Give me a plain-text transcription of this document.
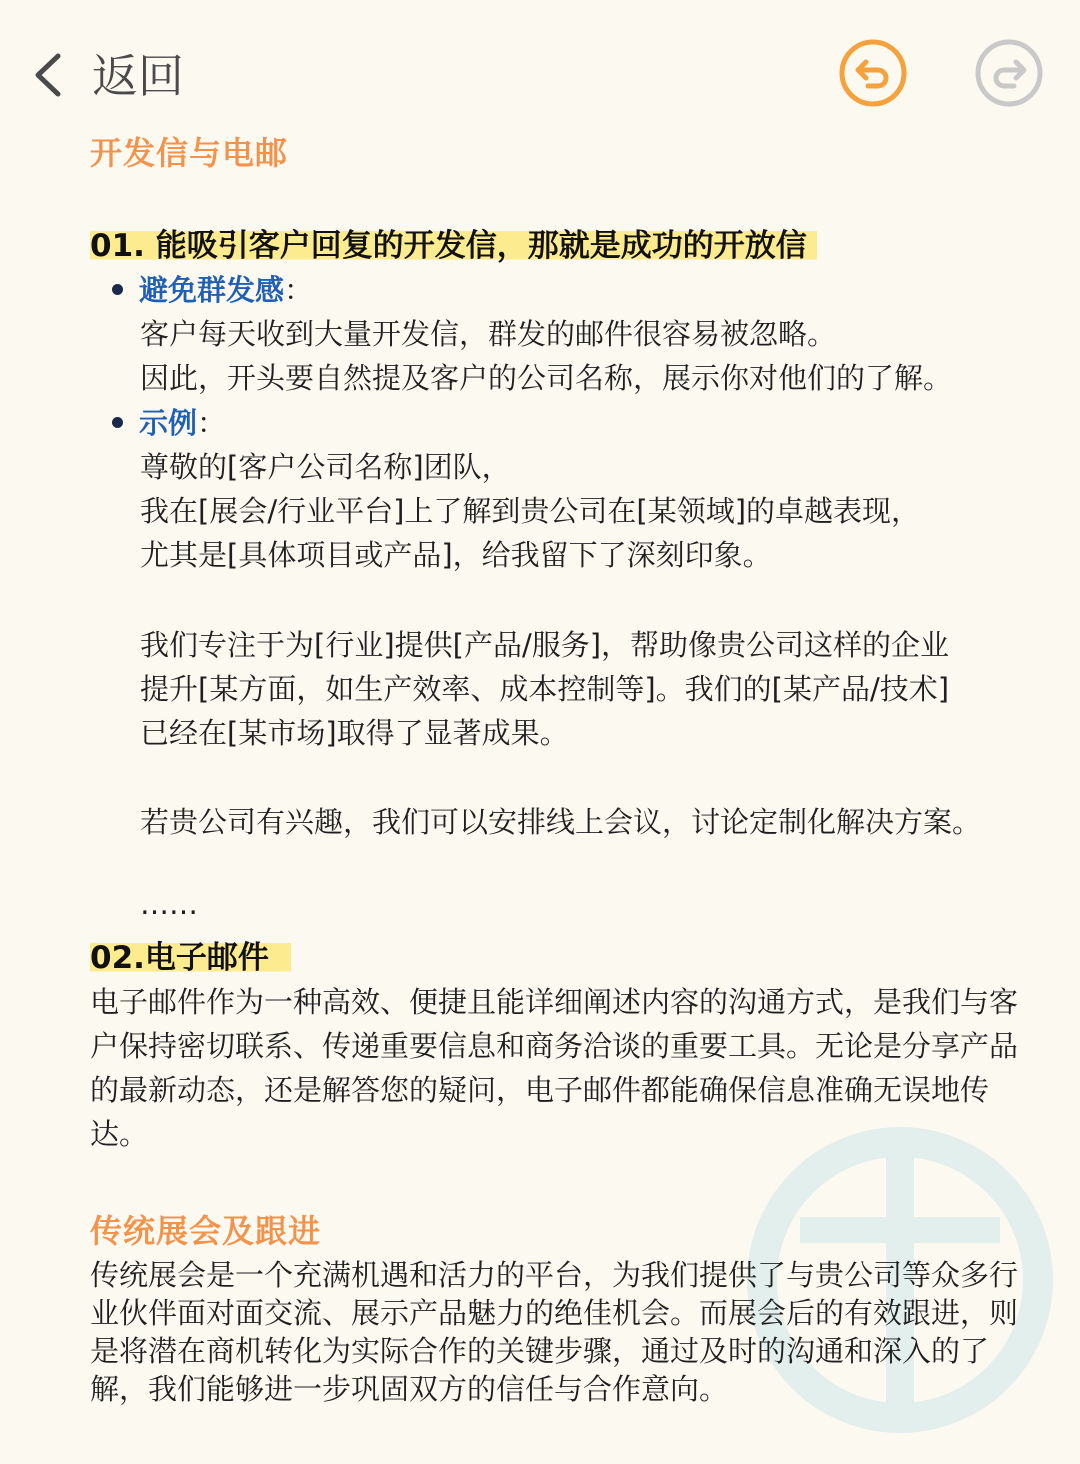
返回
开发信与电邮
01. 能吸引客户回复的开发信，那就是成功的开放信
避免群发感：
客户每天收到大量开发信，群发的邮件很容易被忽略。
因此，开头要自然提及客户的公司名称，展示你对他们的了解。
示例：
尊敬的[客户公司名称]团队，
我在[展会/行业平台]上了解到贵公司在[某领域]的卓越表现，
尤其是[具体项目或产品]，给我留下了深刻印象。
我们专注于为[行业]提供[产品/服务]，帮助像贵公司这样的企业
提升[某方面，如生产效率、成本控制等]。我们的[某产品/技术]
已经在[某市场]取得了显著成果。
若贵公司有兴趣，我们可以安排线上会议，讨论定制化解决方案。
……
02.电子邮件
电子邮件作为一种高效、便捷且能详细阐述内容的沟通方式，是我们与客户保持密切联系、传递重要信息和商务洽谈的重要工具。无论是分享产品的最新动态，还是解答您的疑问，电子邮件都能确保信息准确无误地传达。
传统展会及跟进
传统展会是一个充满机遇和活力的平台，为我们提供了与贵公司等众多行业伙伴面对面交流、展示产品魅力的绝佳机会。而展会后的有效跟进，则是将潜在商机转化为实际合作的关键步骤，通过及时的沟通和深入的了解，我们能够进一步巩固双方的信任与合作意向。
